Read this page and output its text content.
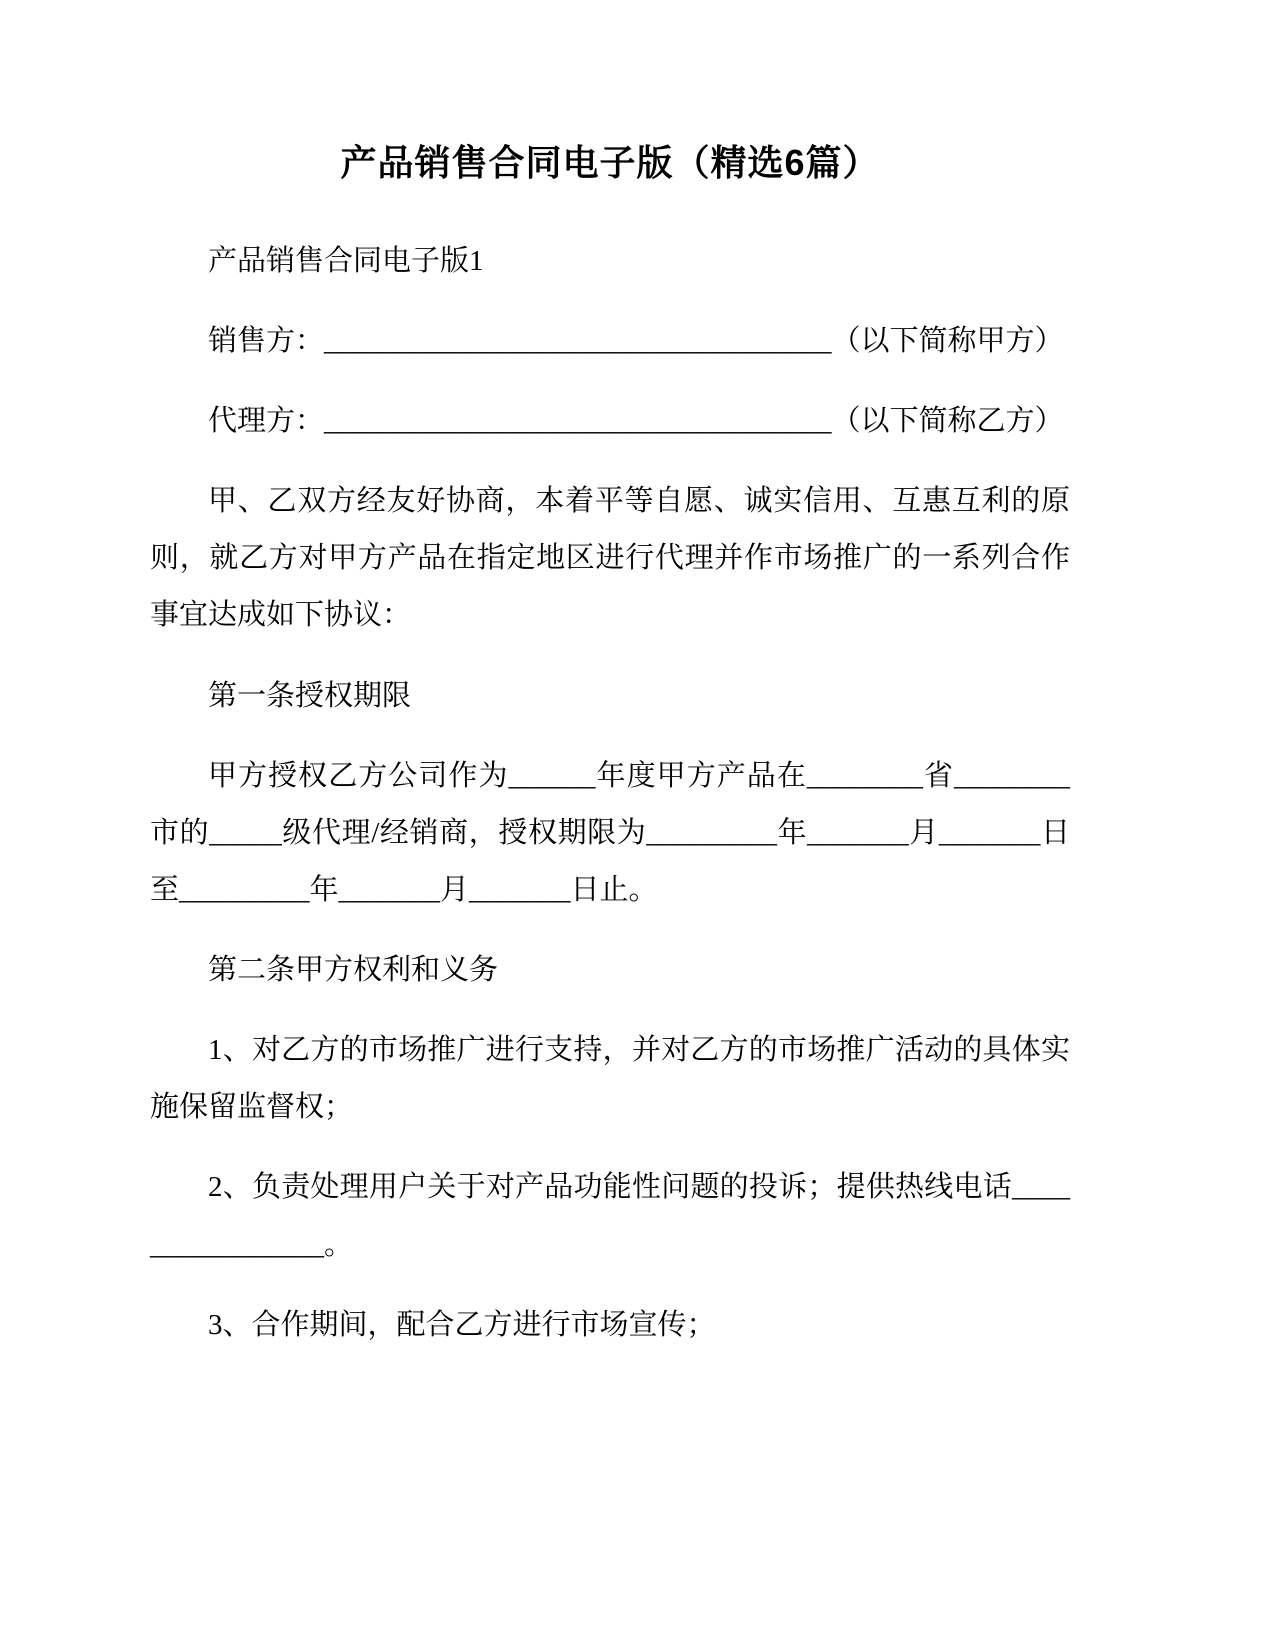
产品销售合同电子版（精选6篇）

产品销售合同电子版1

销售方：___________________________________（以下简称甲方）

代理方：___________________________________（以下简称乙方）

甲、乙双方经友好协商，本着平等自愿、诚实信用、互惠互利的原则，就乙方对甲方产品在指定地区进行代理并作市场推广的一系列合作事宜达成如下协议：

第一条授权期限

甲方授权乙方公司作为______年度甲方产品在________省________市的_____级代理/经销商，授权期限为_________年_______月_______日至_________年_______月_______日止。

第二条甲方权利和义务

1、对乙方的市场推广进行支持，并对乙方的市场推广活动的具体实施保留监督权；

2、负责处理用户关于对产品功能性问题的投诉；提供热线电话________________。

3、合作期间，配合乙方进行市场宣传；
